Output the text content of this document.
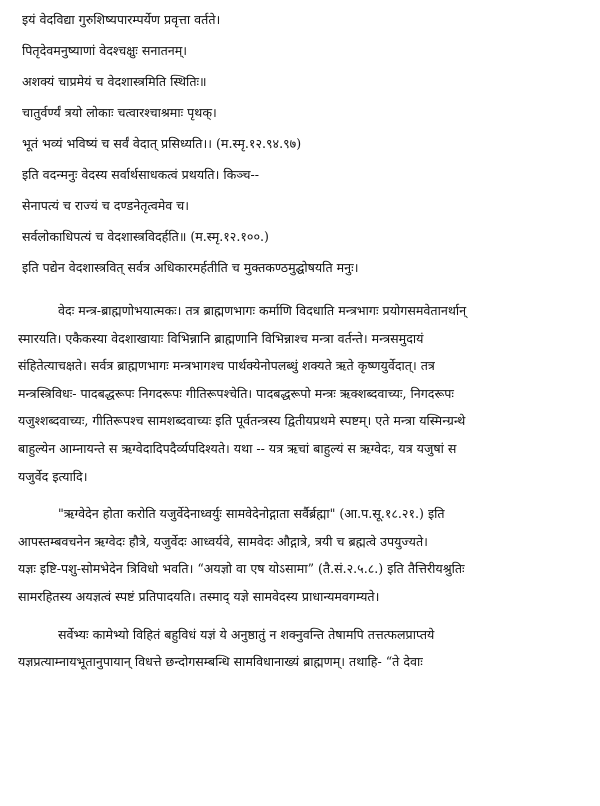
इयं वेदविद्या गुरुशिष्यपारम्पर्येण प्रवृत्ता वर्तते।

पितृदेवमनुष्याणां वेदश्चक्षुः सनातनम्।

अशक्यं चाप्रमेयं च वेदशास्त्रमिति स्थितिः॥

चातुर्वर्ण्यं त्रयो लोकाः चत्वारश्चाश्रमाः पृथक्।

भूतं भव्यं भविष्यं च सर्वं वेदात् प्रसिध्यति।। (म.स्मृ.१२.९४.९७)

इति वदन्मनुः वेदस्य सर्वार्थसाधकत्वं प्रथयति। किञ्च--

सेनापत्यं च राज्यं च दण्डनेतृत्वमेव च।

सर्वलोकाधिपत्यं च वेदशास्त्रविदर्हति॥ (म.स्मृ.१२.१००.)

इति पद्येन वेदशास्त्रवित् सर्वत्र अधिकारमर्हतीति च मुक्तकण्ठमुद्घोषयति मनुः।

वेदः मन्त्र-ब्राह्मणोभयात्मकः। तत्र ब्राह्मणभागः कर्माणि विदधाति मन्त्रभागः प्रयोगसमवेतानर्थान्
स्मारयति। एकैकस्या वेदशाखायाः विभिन्नानि ब्राह्मणानि विभिन्नाश्च मन्त्रा वर्तन्ते। मन्त्रसमुदायं
संहितेत्याचक्षते। सर्वत्र ब्राह्मणभागः मन्त्रभागश्च पार्थक्येनोपलब्धुं शक्यते ऋते कृष्णयुर्वेदात्। तत्र
मन्त्रस्त्रिविधः- पादबद्धरूपः निगदरूपः गीतिरूपश्चेति। पादबद्धरूपो मन्त्रः ऋक्शब्दवाच्यः, निगदरूपः
यजुश्शब्दवाच्यः, गीतिरूपश्च सामशब्दवाच्यः इति पूर्वतन्त्रस्य द्वितीयप्रथमे स्पष्टम्। एते मन्त्रा यस्मिन्ग्रन्थे
बाहुल्येन आम्नायन्ते स ऋग्वेदादिपदैर्व्यपदिश्यते। यथा -- यत्र ऋचां बाहुल्यं स ऋग्वेदः, यत्र यजुषां स
यजुर्वेद इत्यादि।
"ऋग्वेदेन होता करोति यजुर्वेदेनाध्वर्युः सामवेदेनोद्गाता सर्वैर्ब्रह्मा" (आ.प.सू.१८.२१.) इति
आपस्तम्बवचनेन ऋग्वेदः हौत्रे, यजुर्वेदः आध्वर्यवे, सामवेदः औद्गात्रे, त्रयी च ब्रह्मत्वे उपयुज्यते।
यज्ञः इष्टि-पशु-सोमभेदेन त्रिविधो भवति। “अयज्ञो वा एष योऽसामा” (तै.सं.२.५.८.) इति तैत्तिरीयश्रुतिः
सामरहितस्य अयज्ञत्वं स्पष्टं प्रतिपादयति। तस्माद् यज्ञे सामवेदस्य प्राधान्यमवगम्यते।
सर्वेभ्यः कामेभ्यो विहितं बहुविधं यज्ञं ये अनुष्ठातुं न शक्नुवन्ति तेषामपि तत्तत्फलप्राप्तये
यज्ञप्रत्याम्नायभूतानुपायान् विधत्ते छन्दोगसम्बन्धि सामविधानाख्यं ब्राह्मणम्। तथाहि- “ते देवाः
